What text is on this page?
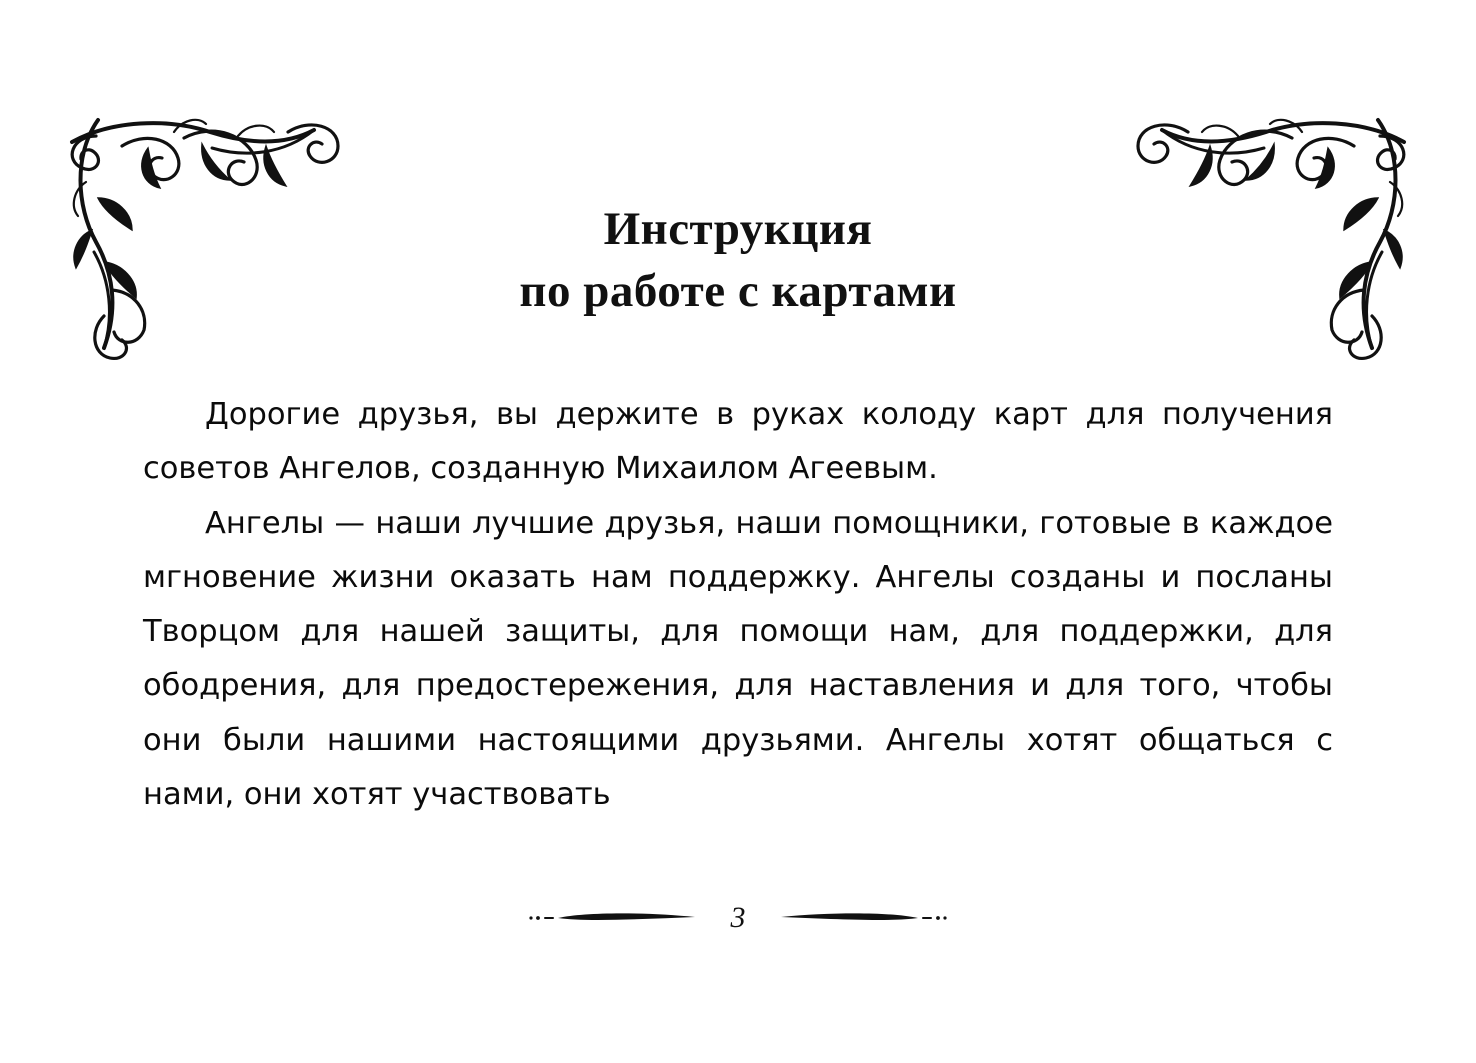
Инструкция
по работе с картами

Дорогие друзья, вы держите в руках колоду карт для получения советов Ангелов, созданную Михаилом Агеевым.

Ангелы — наши лучшие друзья, наши помощники, готовые в каждое мгновение жизни оказать нам поддержку. Ангелы созданы и посланы Творцом для нашей защиты, для помощи нам, для поддержки, для ободрения, для предостережения, для наставления и для того, чтобы они были нашими настоящими друзьями. Ангелы хотят общаться с нами, они хотят участвовать

3
